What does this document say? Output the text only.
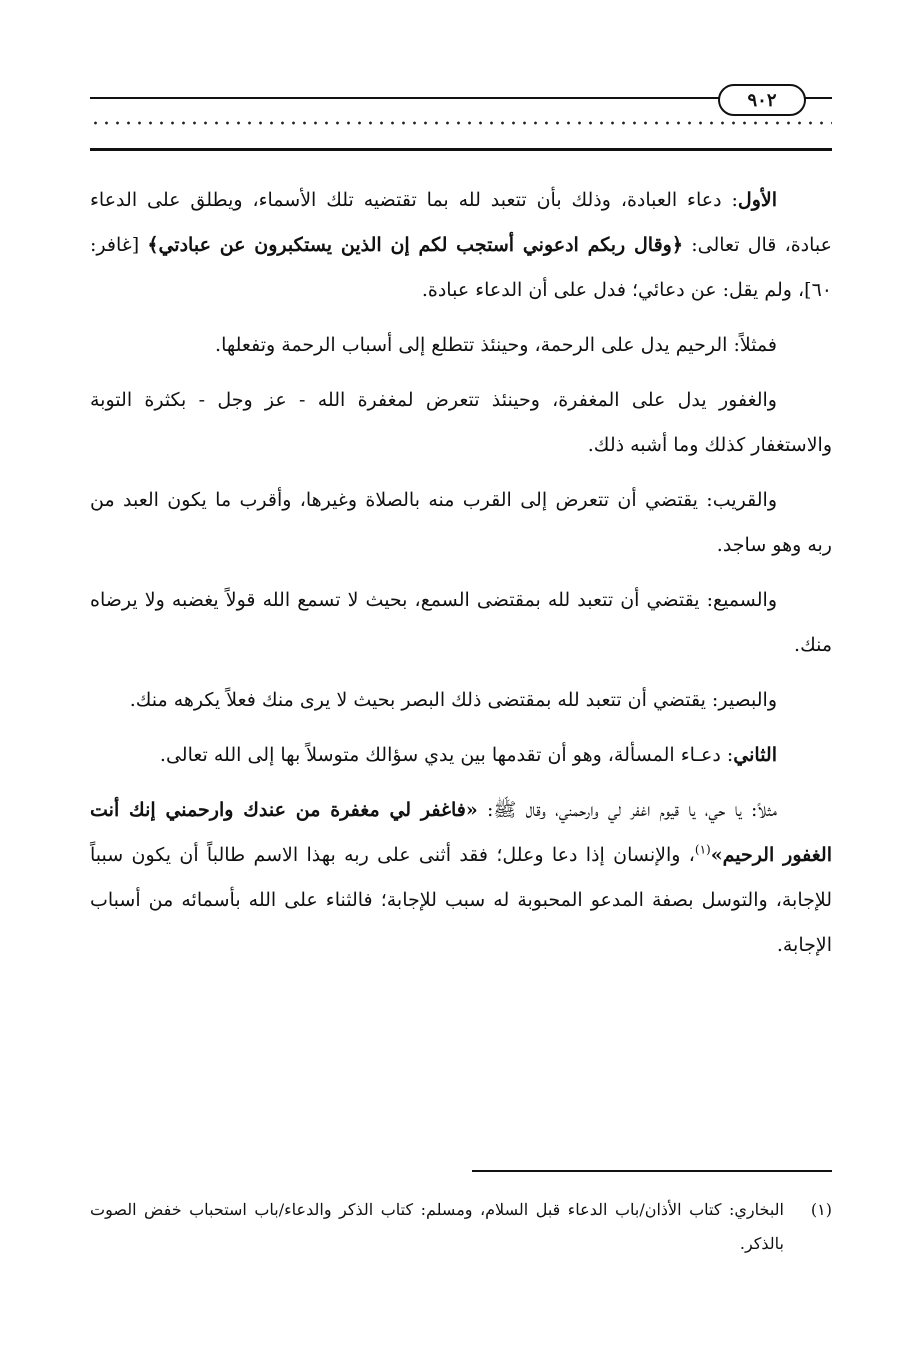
٩٠٢

الأول: دعاء العبادة، وذلك بأن تتعبد لله بما تقتضيه تلك الأسماء، ويطلق على الدعاء عبادة، قال تعالى: ﴿وقال ربكم ادعوني أستجب لكم إن الذين يستكبرون عن عبادتي﴾ [غافر: ٦٠]، ولم يقل: عن دعائي؛ فدل على أن الدعاء عبادة.

فمثلاً: الرحيم يدل على الرحمة، وحينئذ تتطلع إلى أسباب الرحمة وتفعلها.

والغفور يدل على المغفرة، وحينئذ تتعرض لمغفرة الله - عز وجل - بكثرة التوبة والاستغفار كذلك وما أشبه ذلك.

والقريب: يقتضي أن تتعرض إلى القرب منه بالصلاة وغيرها، وأقرب ما يكون العبد من ربه وهو ساجد.

والسميع: يقتضي أن تتعبد لله بمقتضى السمع، بحيث لا تسمع الله قولاً يغضبه ولا يرضاه منك.

والبصير: يقتضي أن تتعبد لله بمقتضى ذلك البصر بحيث لا يرى منك فعلاً يكرهه منك.

الثاني: دعـاء المسألة، وهو أن تقدمها بين يدي سؤالك متوسلاً بها إلى الله تعالى.

مثلاً: يا حي، يا قيوم اغفر لي وارحمني، وقال ﷺ: «فاغفر لي مغفرة من عندك وارحمني إنك أنت الغفور الرحيم»$^{(١)}$، والإنسان إذا دعا وعلل؛ فقد أثنى على ربه بهذا الاسم طالباً أن يكون سبباً للإجابة، والتوسل بصفة المدعو المحبوبة له سبب للإجابة؛ فالثناء على الله بأسمائه من أسباب الإجابة.

(١)
البخاري: كتاب الأذان/باب الدعاء قبل السلام، ومسلم: كتاب الذكر والدعاء/باب استحباب خفض الصوت بالذكر.
